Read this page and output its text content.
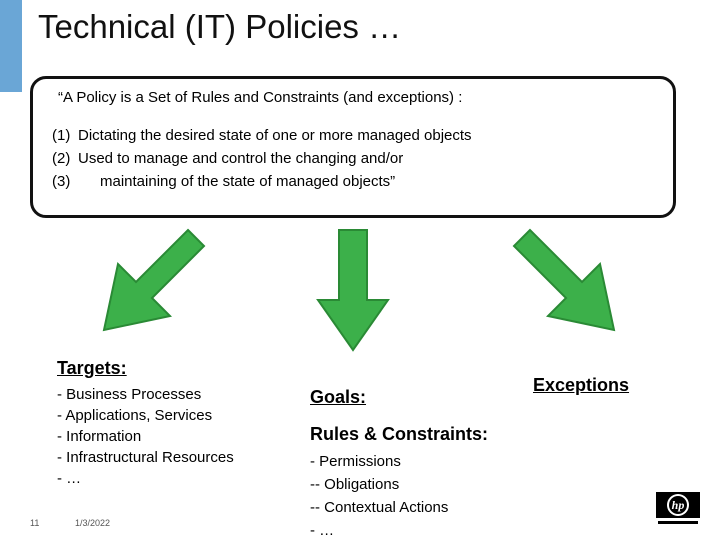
Technical (IT) Policies …
“A Policy is a Set of Rules and Constraints (and exceptions) :
(1) Dictating the desired state of one or more managed objects
(2) Used to manage and control the changing and/or
(3) maintaining of the state of managed objects”
Targets:
- Business Processes
- Applications, Services
- Information
- Infrastructural Resources
- …
Goals:
Rules & Constraints:
- Permissions
-- Obligations
-- Contextual Actions
- …
Exceptions
11	1/3/2022
hp
